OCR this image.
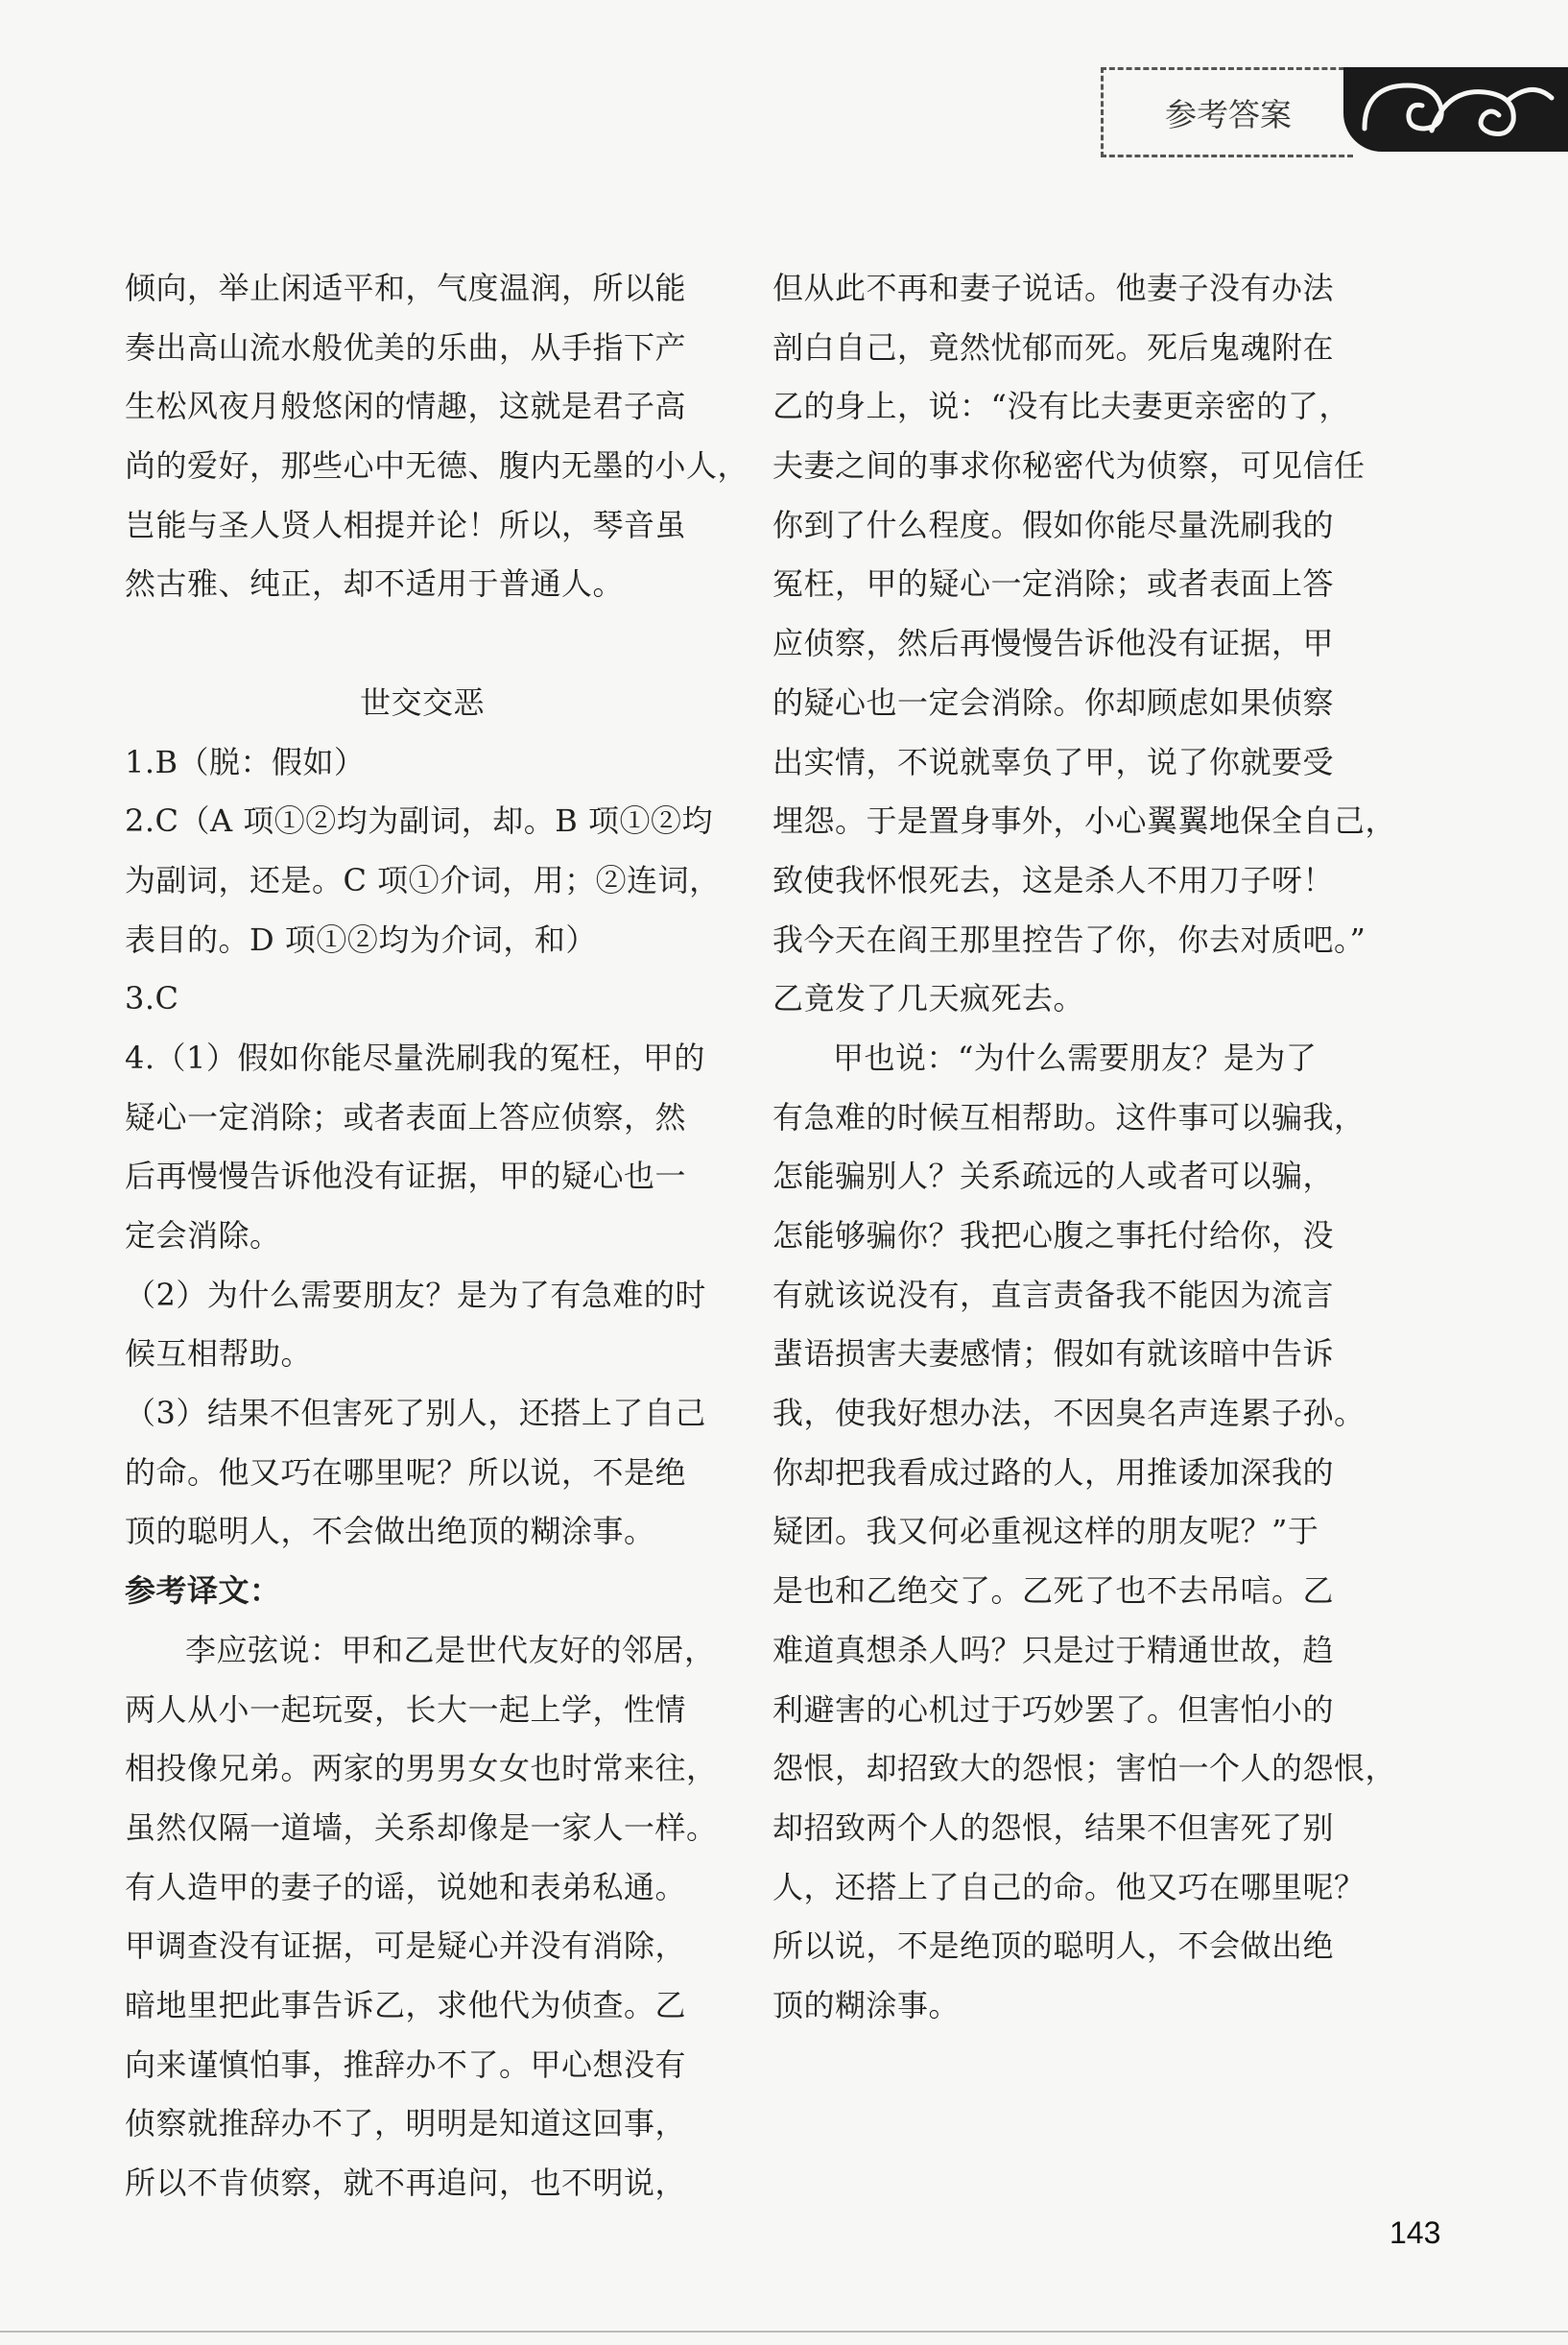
参考答案
倾向，举止闲适平和，气度温润，所以能
奏出高山流水般优美的乐曲，从手指下产
生松风夜月般悠闲的情趣，这就是君子高
尚的爱好，那些心中无德、腹内无墨的小人，
岂能与圣人贤人相提并论！所以，琴音虽
然古雅、纯正，却不适用于普通人。
世交交恶
1.B（脱：假如）
2.C（A 项①②均为副词，却。B 项①②均
为副词，还是。C 项①介词，用；②连词，
表目的。D 项①②均为介词，和）
3.C
4.（1）假如你能尽量洗刷我的冤枉，甲的
疑心一定消除；或者表面上答应侦察，然
后再慢慢告诉他没有证据，甲的疑心也一
定会消除。
（2）为什么需要朋友？是为了有急难的时
候互相帮助。
（3）结果不但害死了别人，还搭上了自己
的命。他又巧在哪里呢？所以说，不是绝
顶的聪明人，不会做出绝顶的糊涂事。
参考译文：
李应弦说：甲和乙是世代友好的邻居，
两人从小一起玩耍，长大一起上学，性情
相投像兄弟。两家的男男女女也时常来往，
虽然仅隔一道墙，关系却像是一家人一样。
有人造甲的妻子的谣，说她和表弟私通。
甲调查没有证据，可是疑心并没有消除，
暗地里把此事告诉乙，求他代为侦查。乙
向来谨慎怕事，推辞办不了。甲心想没有
侦察就推辞办不了，明明是知道这回事，
所以不肯侦察，就不再追问，也不明说，
但从此不再和妻子说话。他妻子没有办法
剖白自己，竟然忧郁而死。死后鬼魂附在
乙的身上，说：“没有比夫妻更亲密的了，
夫妻之间的事求你秘密代为侦察，可见信任
你到了什么程度。假如你能尽量洗刷我的
冤枉，甲的疑心一定消除；或者表面上答
应侦察，然后再慢慢告诉他没有证据，甲
的疑心也一定会消除。你却顾虑如果侦察
出实情，不说就辜负了甲，说了你就要受
埋怨。于是置身事外，小心翼翼地保全自己，
致使我怀恨死去，这是杀人不用刀子呀！
我今天在阎王那里控告了你，你去对质吧。”
乙竟发了几天疯死去。
甲也说：“为什么需要朋友？是为了
有急难的时候互相帮助。这件事可以骗我，
怎能骗别人？关系疏远的人或者可以骗，
怎能够骗你？我把心腹之事托付给你，没
有就该说没有，直言责备我不能因为流言
蜚语损害夫妻感情；假如有就该暗中告诉
我，使我好想办法，不因臭名声连累子孙。
你却把我看成过路的人，用推诿加深我的
疑团。我又何必重视这样的朋友呢？”于
是也和乙绝交了。乙死了也不去吊唁。乙
难道真想杀人吗？只是过于精通世故，趋
利避害的心机过于巧妙罢了。但害怕小的
怨恨，却招致大的怨恨；害怕一个人的怨恨，
却招致两个人的怨恨，结果不但害死了别
人，还搭上了自己的命。他又巧在哪里呢？
所以说，不是绝顶的聪明人，不会做出绝
顶的糊涂事。
143
